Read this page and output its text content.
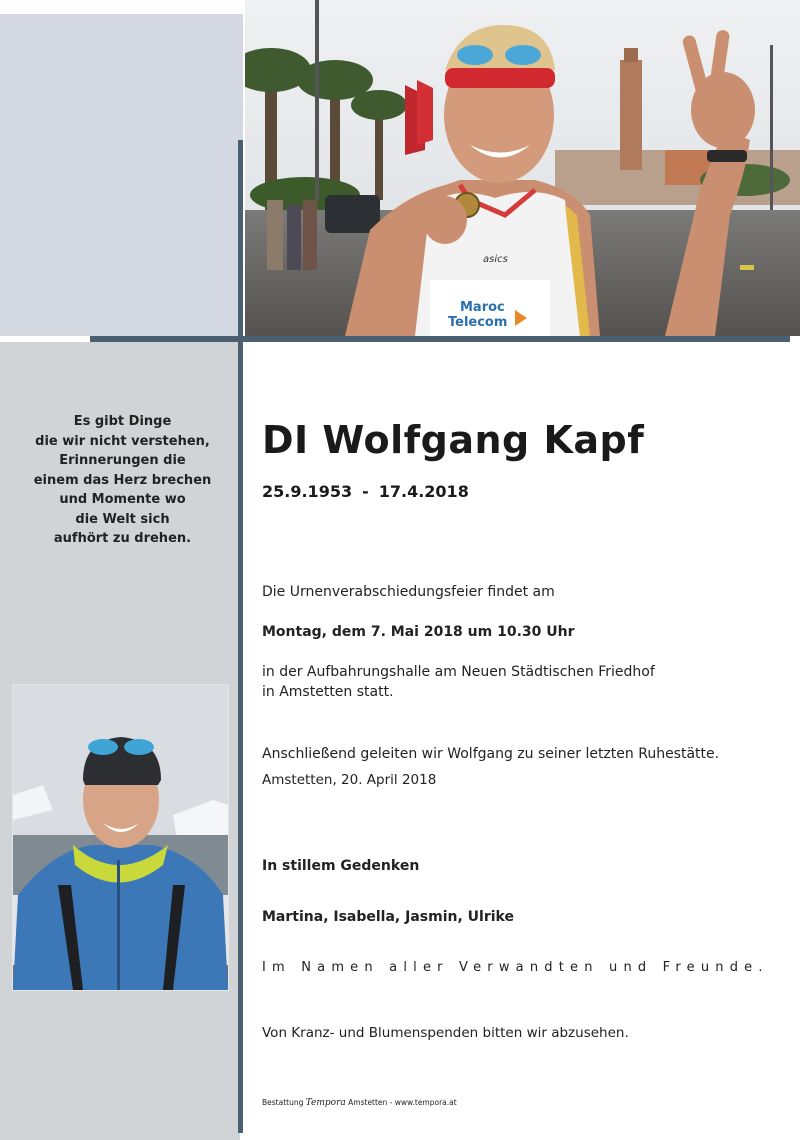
Maroc
Telecom
asics
Es gibt Dinge
die wir nicht verstehen,
Erinnerungen die
einem das Herz brechen
und Momente wo
die Welt sich
aufhört zu drehen.
DI Wolfgang Kapf
25.9.1953 - 17.4.2018
Die Urnenverabschiedungsfeier findet am
Montag, dem 7. Mai 2018 um 10.30 Uhr
in der Aufbahrungshalle am Neuen Städtischen Friedhof
in Amstetten statt.
Anschließend geleiten wir Wolfgang zu seiner letzten Ruhestätte.
Amstetten, 20. April 2018
In stillem Gedenken
Martina, Isabella, Jasmin, Ulrike
Im Namen aller Verwandten und Freunde.
Von Kranz- und Blumenspenden bitten wir abzusehen.
Bestattung Tempora Amstetten - www.tempora.at
